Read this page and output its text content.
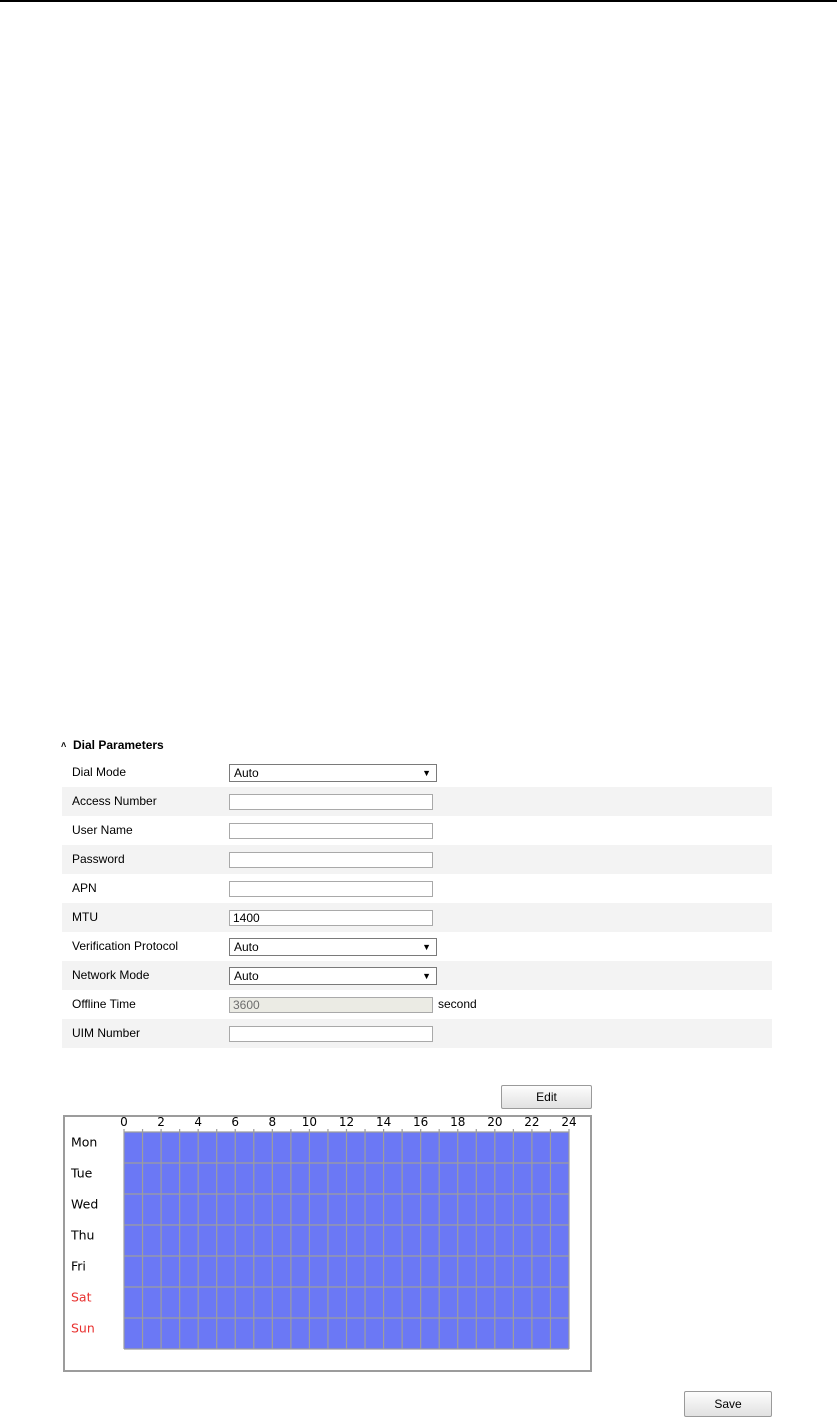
˄ Dial Parameters
Dial Mode	Auto	▼
Access Number
User Name
Password
APN
MTU	1400
Verification Protocol	Auto	▼
Network Mode	Auto	▼
Offline Time	3600	second
UIM Number
Edit
0 2 4 6 8 10 12 14 16 18 20 22 24
Mon
Tue
Wed
Thu
Fri
Sat
Sun
Save
